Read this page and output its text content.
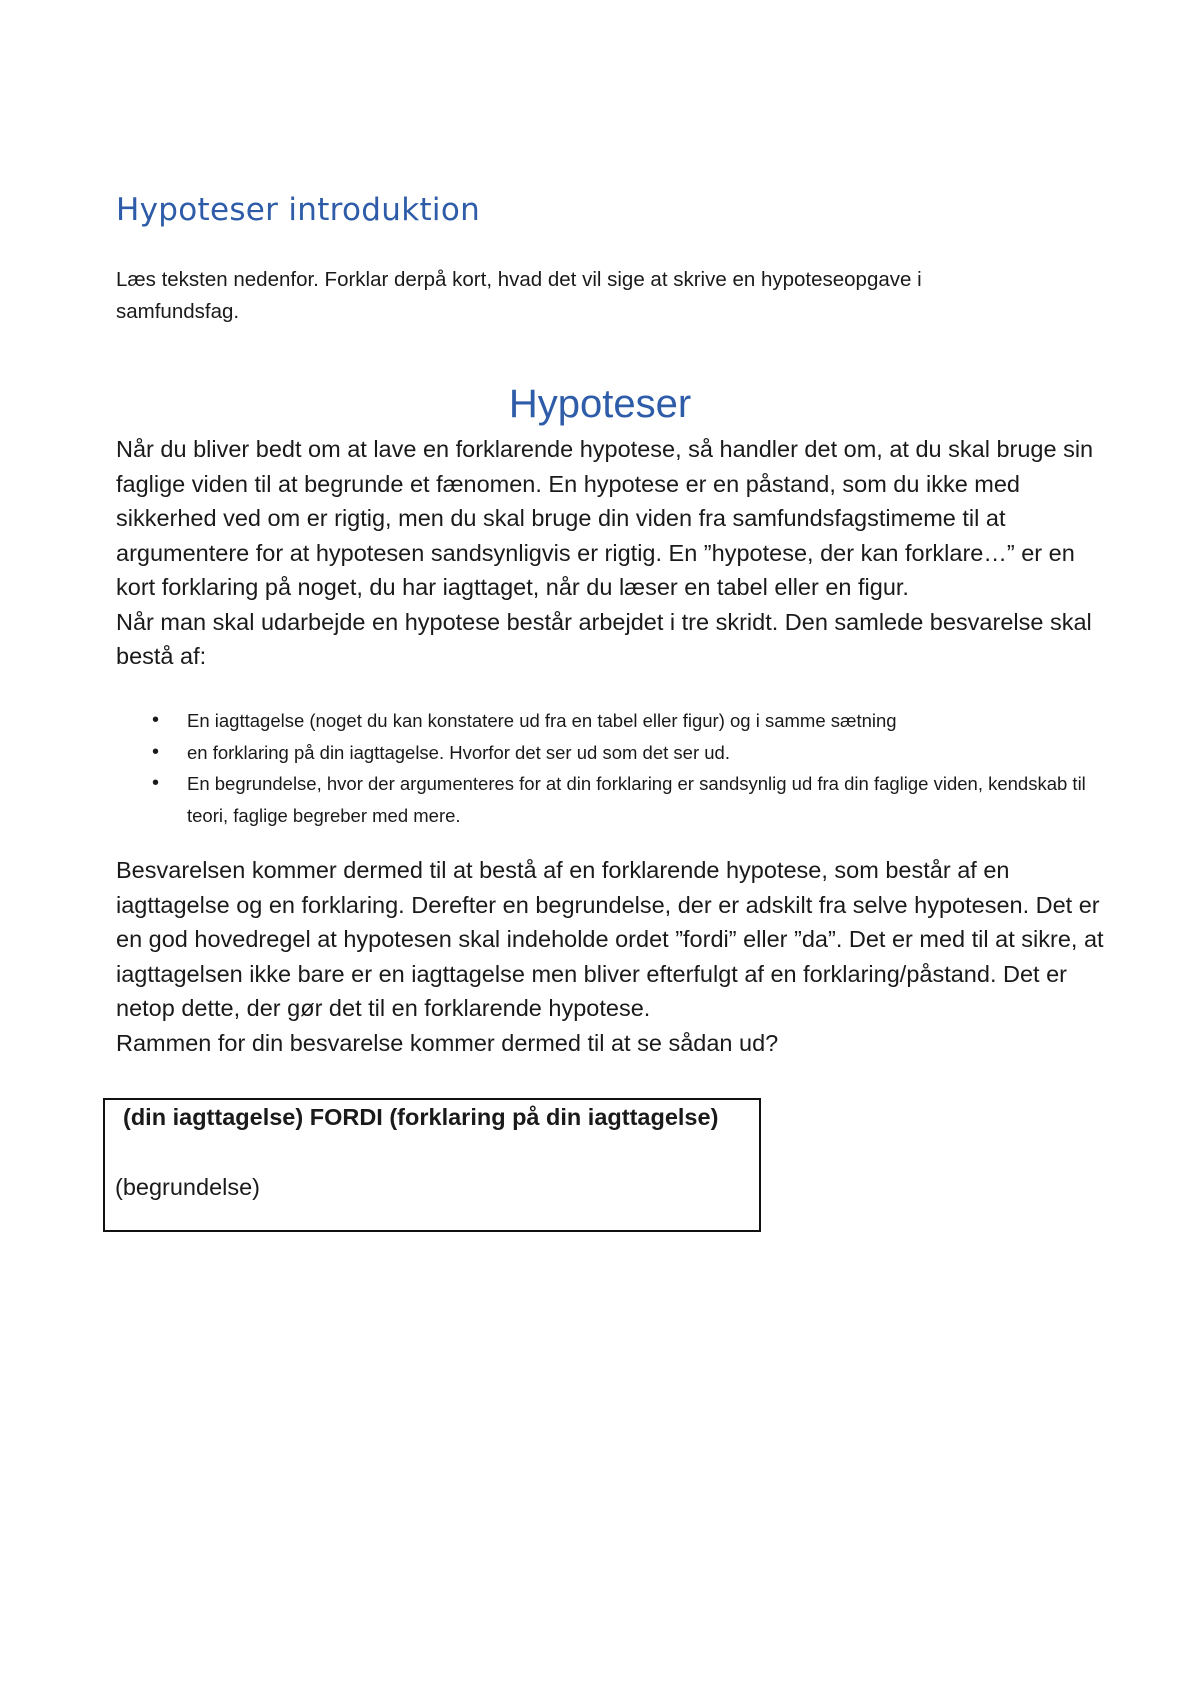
Hypoteser introduktion

Læs teksten nedenfor. Forklar derpå kort, hvad det vil sige at skrive en hypoteseopgave i samfundsfag.

Hypoteser

Når du bliver bedt om at lave en forklarende hypotese, så handler det om, at du skal bruge sin faglige viden til at begrunde et fænomen. En hypotese er en påstand, som du ikke med sikkerhed ved om er rigtig, men du skal bruge din viden fra samfundsfagstimeme til at argumentere for at hypotesen sandsynligvis er rigtig. En ”hypotese, der kan forklare…” er en kort forklaring på noget, du har iagttaget, når du læser en tabel eller en figur.

Når man skal udarbejde en hypotese består arbejdet i tre skridt. Den samlede besvarelse skal bestå af:

• En iagttagelse (noget du kan konstatere ud fra en tabel eller figur) og i samme sætning
• en forklaring på din iagttagelse. Hvorfor det ser ud som det ser ud.
• En begrundelse, hvor der argumenteres for at din forklaring er sandsynlig ud fra din faglige viden, kendskab til teori, faglige begreber med mere.

Besvarelsen kommer dermed til at bestå af en forklarende hypotese, som består af en iagttagelse og en forklaring. Derefter en begrundelse, der er adskilt fra selve hypotesen. Det er en god hovedregel at hypotesen skal indeholde ordet ”fordi” eller ”da”. Det er med til at sikre, at iagttagelsen ikke bare er en iagttagelse men bliver efterfulgt af en forklaring/påstand. Det er netop dette, der gør det til en forklarende hypotese.

Rammen for din besvarelse kommer dermed til at se sådan ud?

(din iagttagelse) FORDI (forklaring på din iagttagelse)

(begrundelse)
